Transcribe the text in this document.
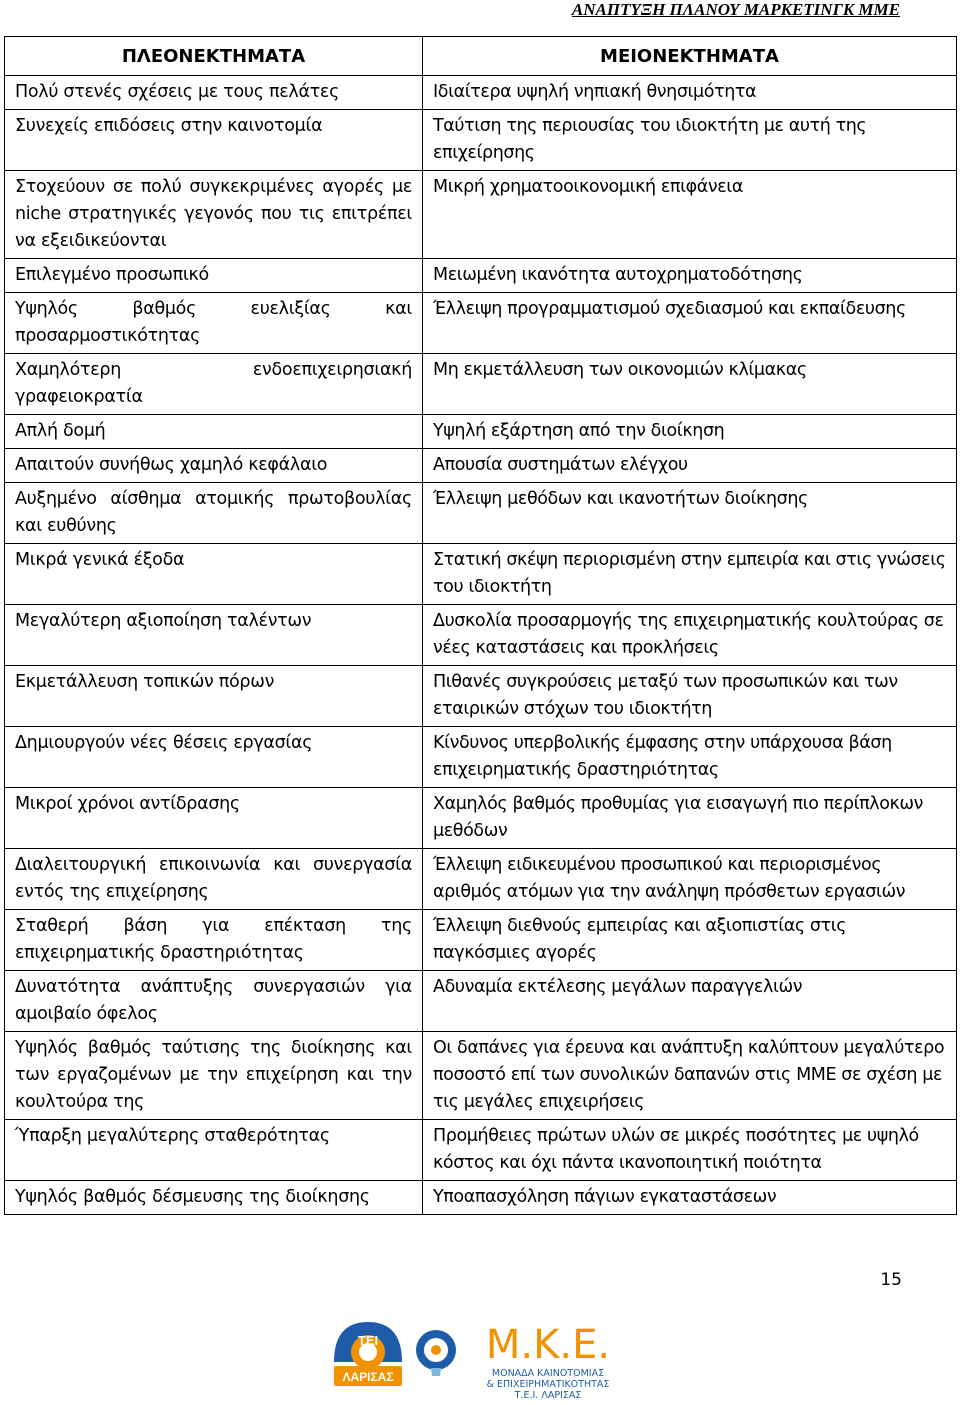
ΑΝΑΠΤΥΞΗ ΠΛΑΝΟΥ ΜΑΡΚΕΤΙΝΓΚ ΜΜΕ
ΠΛΕΟΝΕΚΤΗΜΑΤΑ	ΜΕΙΟΝΕΚΤΗΜΑΤΑ
Πολύ στενές σχέσεις με τους πελάτες	Ιδιαίτερα υψηλή νηπιακή θνησιμότητα
Συνεχείς επιδόσεις στην καινοτομία	Ταύτιση της περιουσίας του ιδιοκτήτη με αυτή της επιχείρησης
Στοχεύουν σε πολύ συγκεκριμένες αγορές με niche στρατηγικές γεγονός που τις επιτρέπει να εξειδικεύονται	Μικρή χρηματοοικονομική επιφάνεια
Επιλεγμένο προσωπικό	Μειωμένη ικανότητα αυτοχρηματοδότησης
Υψηλός βαθμός ευελιξίας και προσαρμοστικότητας	Έλλειψη προγραμματισμού σχεδιασμού και εκπαίδευσης
Χαμηλότερη ενδοεπιχειρησιακή γραφειοκρατία	Μη εκμετάλλευση των οικονομιών κλίμακας
Απλή δομή	Υψηλή εξάρτηση από την διοίκηση
Απαιτούν συνήθως χαμηλό κεφάλαιο	Απουσία συστημάτων ελέγχου
Αυξημένο αίσθημα ατομικής πρωτοβουλίας και ευθύνης	Έλλειψη μεθόδων και ικανοτήτων διοίκησης
Μικρά γενικά έξοδα	Στατική σκέψη περιορισμένη στην εμπειρία και στις γνώσεις του ιδιοκτήτη
Μεγαλύτερη αξιοποίηση ταλέντων	Δυσκολία προσαρμογής της επιχειρηματικής κουλτούρας σε νέες καταστάσεις και προκλήσεις
Εκμετάλλευση τοπικών πόρων	Πιθανές συγκρούσεις μεταξύ των προσωπικών και των εταιρικών στόχων του ιδιοκτήτη
Δημιουργούν νέες θέσεις εργασίας	Κίνδυνος υπερβολικής έμφασης στην υπάρχουσα βάση επιχειρηματικής δραστηριότητας
Μικροί χρόνοι αντίδρασης	Χαμηλός βαθμός προθυμίας για εισαγωγή πιο περίπλοκων μεθόδων
Διαλειτουργική επικοινωνία και συνεργασία εντός της επιχείρησης	Έλλειψη ειδικευμένου προσωπικού και περιορισμένος αριθμός ατόμων για την ανάληψη πρόσθετων εργασιών
Σταθερή βάση για επέκταση της επιχειρηματικής δραστηριότητας	Έλλειψη διεθνούς εμπειρίας και αξιοπιστίας στις παγκόσμιες αγορές
Δυνατότητα ανάπτυξης συνεργασιών για αμοιβαίο όφελος	Αδυναμία εκτέλεσης μεγάλων παραγγελιών
Υψηλός βαθμός ταύτισης της διοίκησης και των εργαζομένων με την επιχείρηση και την κουλτούρα της	Οι δαπάνες για έρευνα και ανάπτυξη καλύπτουν μεγαλύτερο ποσοστό επί των συνολικών δαπανών στις ΜΜΕ σε σχέση με τις μεγάλες επιχειρήσεις
Ύπαρξη μεγαλύτερης σταθερότητας	Προμήθειες πρώτων υλών σε μικρές ποσότητες με υψηλό κόστος και όχι πάντα ικανοποιητική ποιότητα
Υψηλός βαθμός δέσμευσης της διοίκησης	Υποαπασχόληση πάγιων εγκαταστάσεων
15
ΤΕΙ
ΛΑΡΙΣΑΣ
Μ.Κ.Ε.
ΜΟΝΑΔΑ ΚΑΙΝΟΤΟΜΙΑΣ
& ΕΠΙΧΕΙΡΗΜΑΤΙΚΟΤΗΤΑΣ
Τ.Ε.Ι. ΛΑΡΙΣΑΣ
